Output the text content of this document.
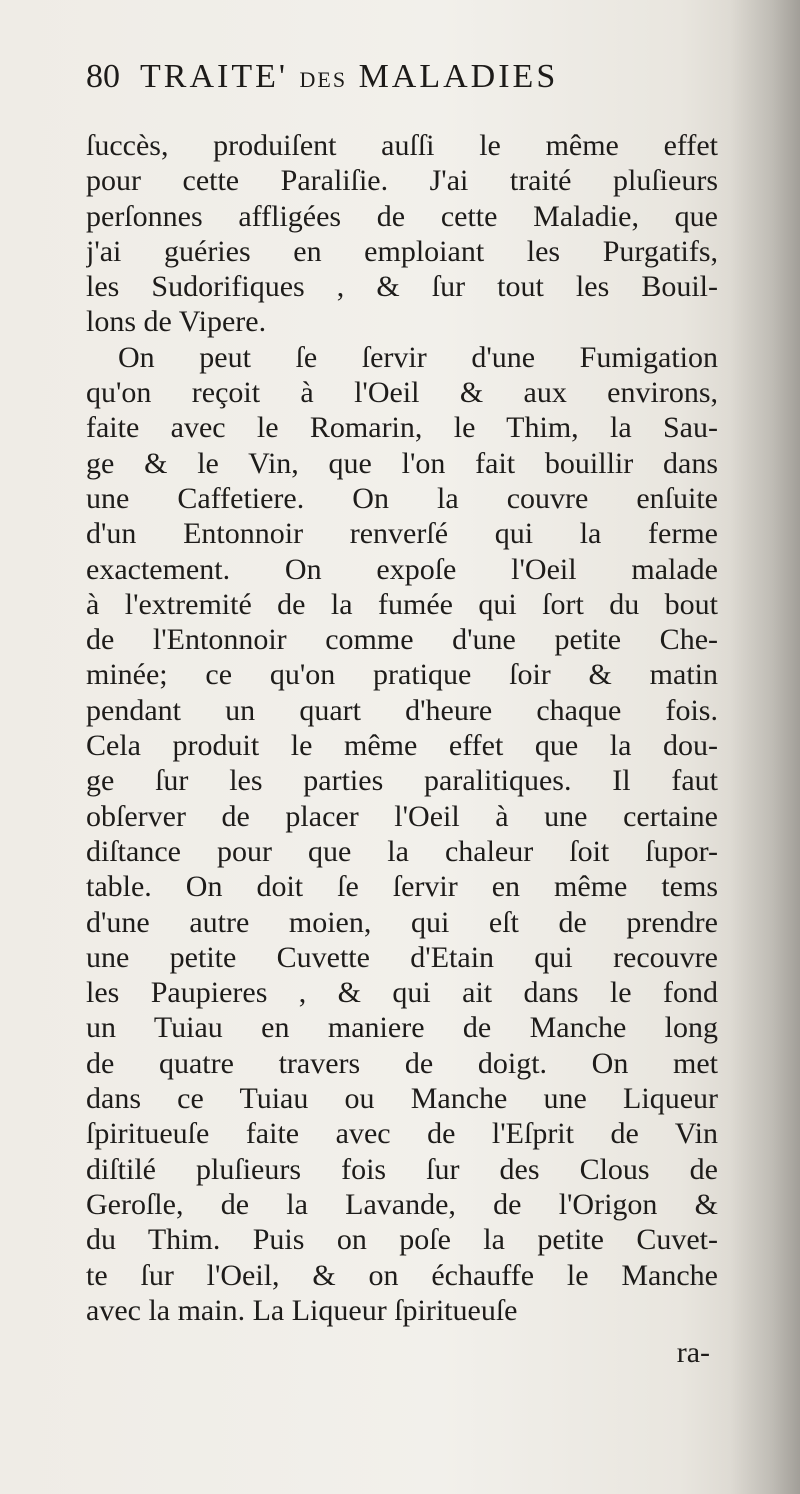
80 TRAITE' DES MALADIES
ſuccès, produiſent auſſi le même effet
pour cette Paraliſie. J'ai traité pluſieurs
perſonnes affligées de cette Maladie, que
j'ai guéries en emploiant les Purgatifs,
les Sudorifiques , & ſur tout les Bouil-
lons de Vipere.
On peut ſe ſervir d'une Fumigation
qu'on reçoit à l'Oeil & aux environs,
faite avec le Romarin, le Thim, la Sau-
ge & le Vin, que l'on fait bouillir dans
une Caffetiere. On la couvre enſuite
d'un Entonnoir renverſé qui la ferme
exactement. On expoſe l'Oeil malade
à l'extremité de la fumée qui ſort du bout
de l'Entonnoir comme d'une petite Che-
minée; ce qu'on pratique ſoir & matin
pendant un quart d'heure chaque fois.
Cela produit le même effet que la dou-
ge ſur les parties paralitiques. Il faut
obſerver de placer l'Oeil à une certaine
diſtance pour que la chaleur ſoit ſupor-
table. On doit ſe ſervir en même tems
d'une autre moien, qui eſt de prendre
une petite Cuvette d'Etain qui recouvre
les Paupieres , & qui ait dans le fond
un Tuiau en maniere de Manche long
de quatre travers de doigt. On met
dans ce Tuiau ou Manche une Liqueur
ſpiritueuſe faite avec de l'Eſprit de Vin
diſtilé pluſieurs fois ſur des Clous de
Geroſle, de la Lavande, de l'Origon &
du Thim. Puis on poſe la petite Cuvet-
te ſur l'Oeil, & on échauffe le Manche
avec la main. La Liqueur ſpiritueuſe
ra-
